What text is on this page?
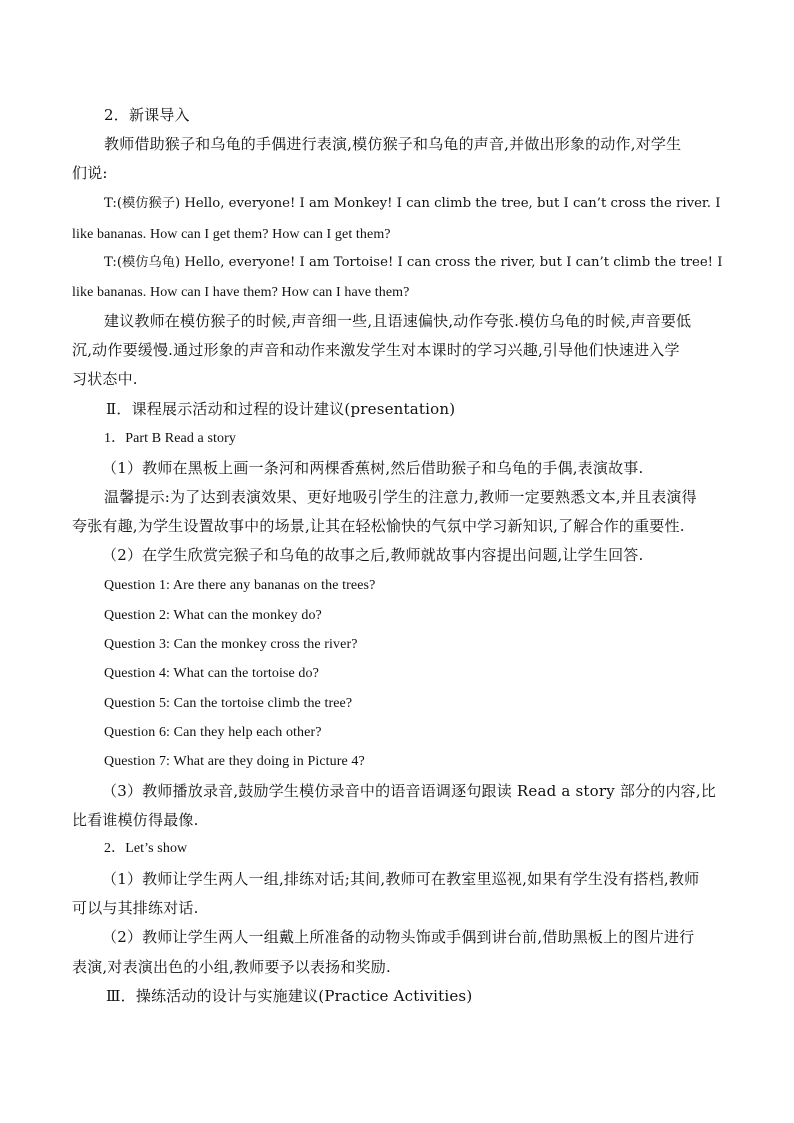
2．新课导入
教师借助猴子和乌龟的手偶进行表演,模仿猴子和乌龟的声音,并做出形象的动作,对学生
们说:
T:(模仿猴子) Hello, everyone! I am Monkey! I can climb the tree, but I can’t cross the river. I
like bananas. How can I get them? How can I get them?
T:(模仿乌龟) Hello, everyone! I am Tortoise! I can cross the river, but I can’t climb the tree! I
like bananas. How can I have them? How can I have them?
建议教师在模仿猴子的时候,声音细一些,且语速偏快,动作夸张.模仿乌龟的时候,声音要低
沉,动作要缓慢.通过形象的声音和动作来激发学生对本课时的学习兴趣,引导他们快速进入学
习状态中.
Ⅱ．课程展示活动和过程的设计建议(presentation)
1．Part B Read a story
（1）教师在黑板上画一条河和两棵香蕉树,然后借助猴子和乌龟的手偶,表演故事.
温馨提示:为了达到表演效果、更好地吸引学生的注意力,教师一定要熟悉文本,并且表演得
夸张有趣,为学生设置故事中的场景,让其在轻松愉快的气氛中学习新知识,了解合作的重要性.
（2）在学生欣赏完猴子和乌龟的故事之后,教师就故事内容提出问题,让学生回答.
Question 1: Are there any bananas on the trees?
Question 2: What can the monkey do?
Question 3: Can the monkey cross the river?
Question 4: What can the tortoise do?
Question 5: Can the tortoise climb the tree?
Question 6: Can they help each other?
Question 7: What are they doing in Picture 4?
（3）教师播放录音,鼓励学生模仿录音中的语音语调逐句跟读 Read a story 部分的内容,比
比看谁模仿得最像.
2．Let’s show
（1）教师让学生两人一组,排练对话;其间,教师可在教室里巡视,如果有学生没有搭档,教师
可以与其排练对话.
（2）教师让学生两人一组戴上所准备的动物头饰或手偶到讲台前,借助黑板上的图片进行
表演,对表演出色的小组,教师要予以表扬和奖励.
Ⅲ．操练活动的设计与实施建议(Practice Activities)
